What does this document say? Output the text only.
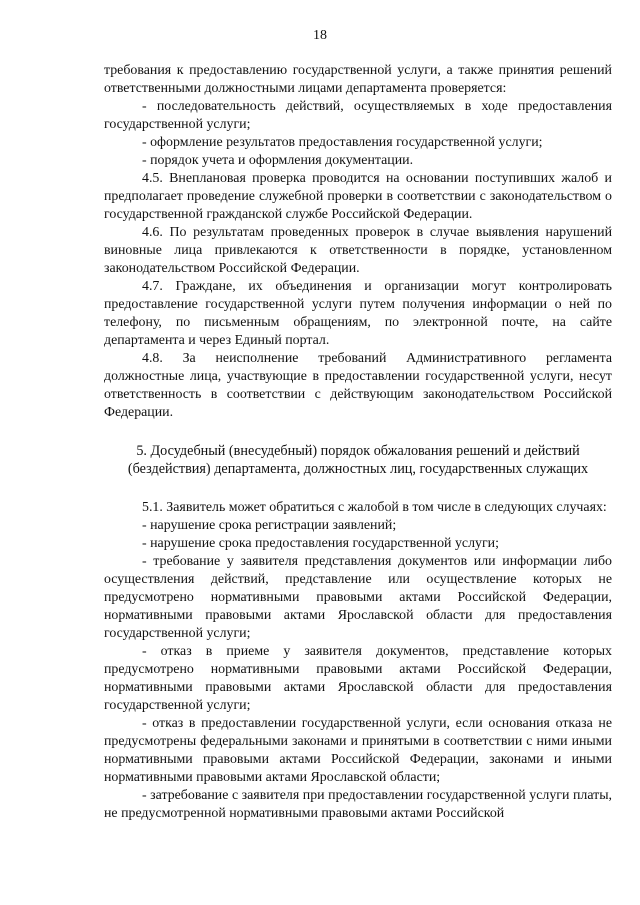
18

требования к предоставлению государственной услуги, а также принятия решений ответственными должностными лицами департамента проверяется:

- последовательность действий, осуществляемых в ходе предоставления государственной услуги;

- оформление результатов предоставления государственной услуги;

- порядок учета и оформления документации.

4.5. Внеплановая проверка проводится на основании поступивших жалоб и предполагает проведение служебной проверки в соответствии с законодательством о государственной гражданской службе Российской Федерации.

4.6. По результатам проведенных проверок в случае выявления нарушений виновные лица привлекаются к ответственности в порядке, установленном законодательством Российской Федерации.

4.7. Граждане, их объединения и организации могут контролировать предоставление государственной услуги путем получения информации о ней по телефону, по письменным обращениям, по электронной почте, на сайте департамента и через Единый портал.

4.8. За неисполнение требований Административного регламента должностные лица, участвующие в предоставлении государственной услуги, несут ответственность в соответствии с действующим законодательством Российской Федерации.

5. Досудебный (внесудебный) порядок обжалования решений и действий

(бездействия) департамента, должностных лиц, государственных служащих

5.1. Заявитель может обратиться с жалобой в том числе в следующих случаях:

- нарушение срока регистрации заявлений;

- нарушение срока предоставления государственной услуги;

- требование у заявителя представления документов или информации либо осуществления действий, представление или осуществление которых не предусмотрено нормативными правовыми актами Российской Федерации, нормативными правовыми актами Ярославской области для предоставления государственной услуги;

- отказ в приеме у заявителя документов, представление которых предусмотрено нормативными правовыми актами Российской Федерации, нормативными правовыми актами Ярославской области для предоставления государственной услуги;

- отказ в предоставлении государственной услуги, если основания отказа не предусмотрены федеральными законами и принятыми в соответствии с ними иными нормативными правовыми актами Российской Федерации, законами и иными нормативными правовыми актами Ярославской области;

- затребование с заявителя при предоставлении государственной услуги платы, не предусмотренной нормативными правовыми актами Российской
